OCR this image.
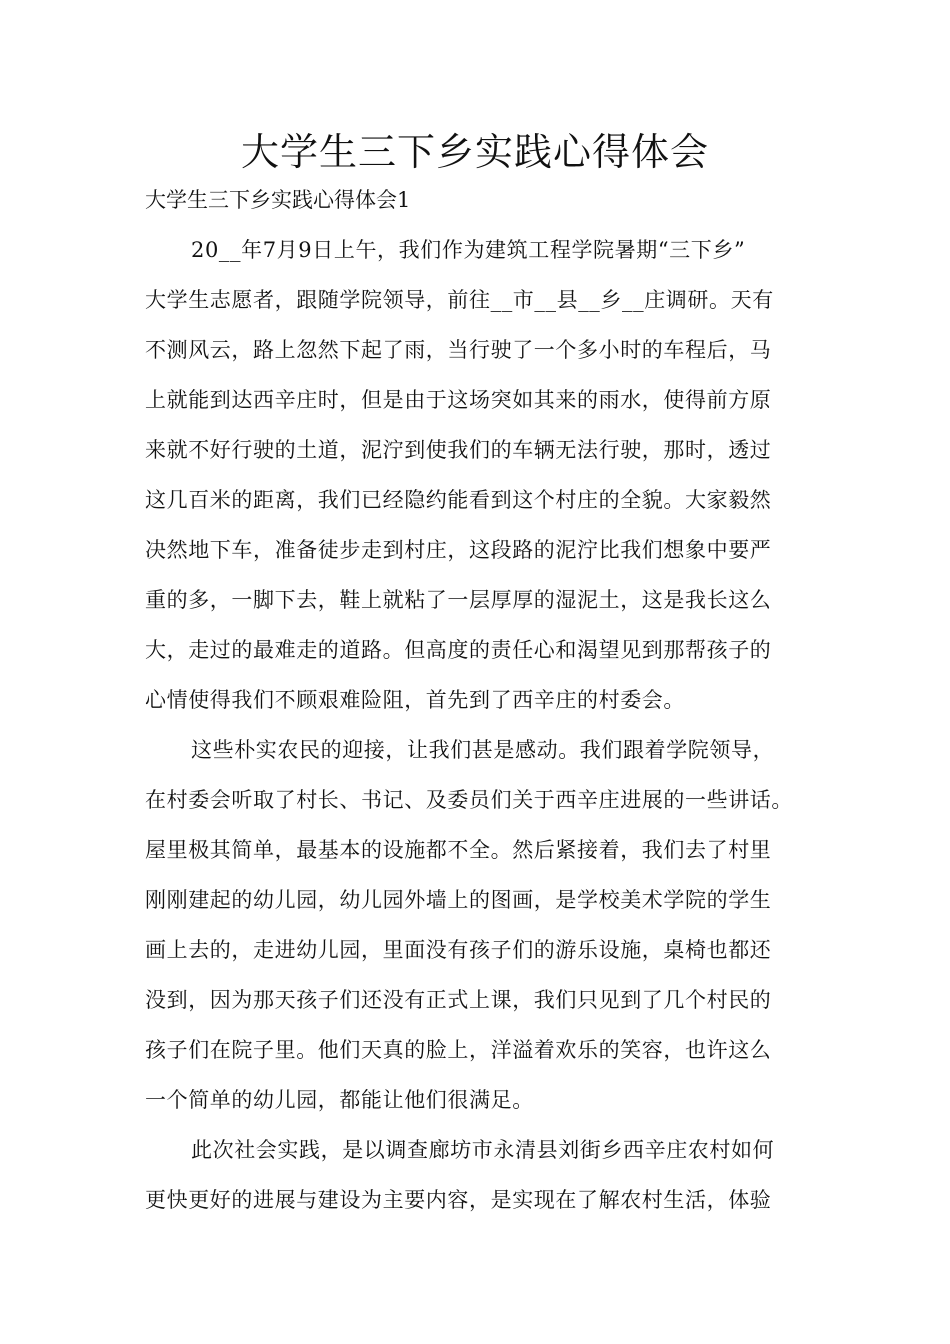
大学生三下乡实践心得体会

大学生三下乡实践心得体会1

20__年7月9日上午，我们作为建筑工程学院暑期“三下乡”
大学生志愿者，跟随学院领导，前往__市__县__乡__庄调研。天有
不测风云，路上忽然下起了雨，当行驶了一个多小时的车程后，马
上就能到达西辛庄时，但是由于这场突如其来的雨水，使得前方原
来就不好行驶的土道，泥泞到使我们的车辆无法行驶，那时，透过
这几百米的距离，我们已经隐约能看到这个村庄的全貌。大家毅然
决然地下车，准备徒步走到村庄，这段路的泥泞比我们想象中要严
重的多，一脚下去，鞋上就粘了一层厚厚的湿泥土，这是我长这么
大，走过的最难走的道路。但高度的责任心和渴望见到那帮孩子的
心情使得我们不顾艰难险阻，首先到了西辛庄的村委会。
这些朴实农民的迎接，让我们甚是感动。我们跟着学院领导，
在村委会听取了村长、书记、及委员们关于西辛庄进展的一些讲话。
屋里极其简单，最基本的设施都不全。然后紧接着，我们去了村里
刚刚建起的幼儿园，幼儿园外墙上的图画，是学校美术学院的学生
画上去的，走进幼儿园，里面没有孩子们的游乐设施，桌椅也都还
没到，因为那天孩子们还没有正式上课，我们只见到了几个村民的
孩子们在院子里。他们天真的脸上，洋溢着欢乐的笑容，也许这么
一个简单的幼儿园，都能让他们很满足。
此次社会实践，是以调查廊坊市永清县刘街乡西辛庄农村如何
更快更好的进展与建设为主要内容，是实现在了解农村生活，体验
